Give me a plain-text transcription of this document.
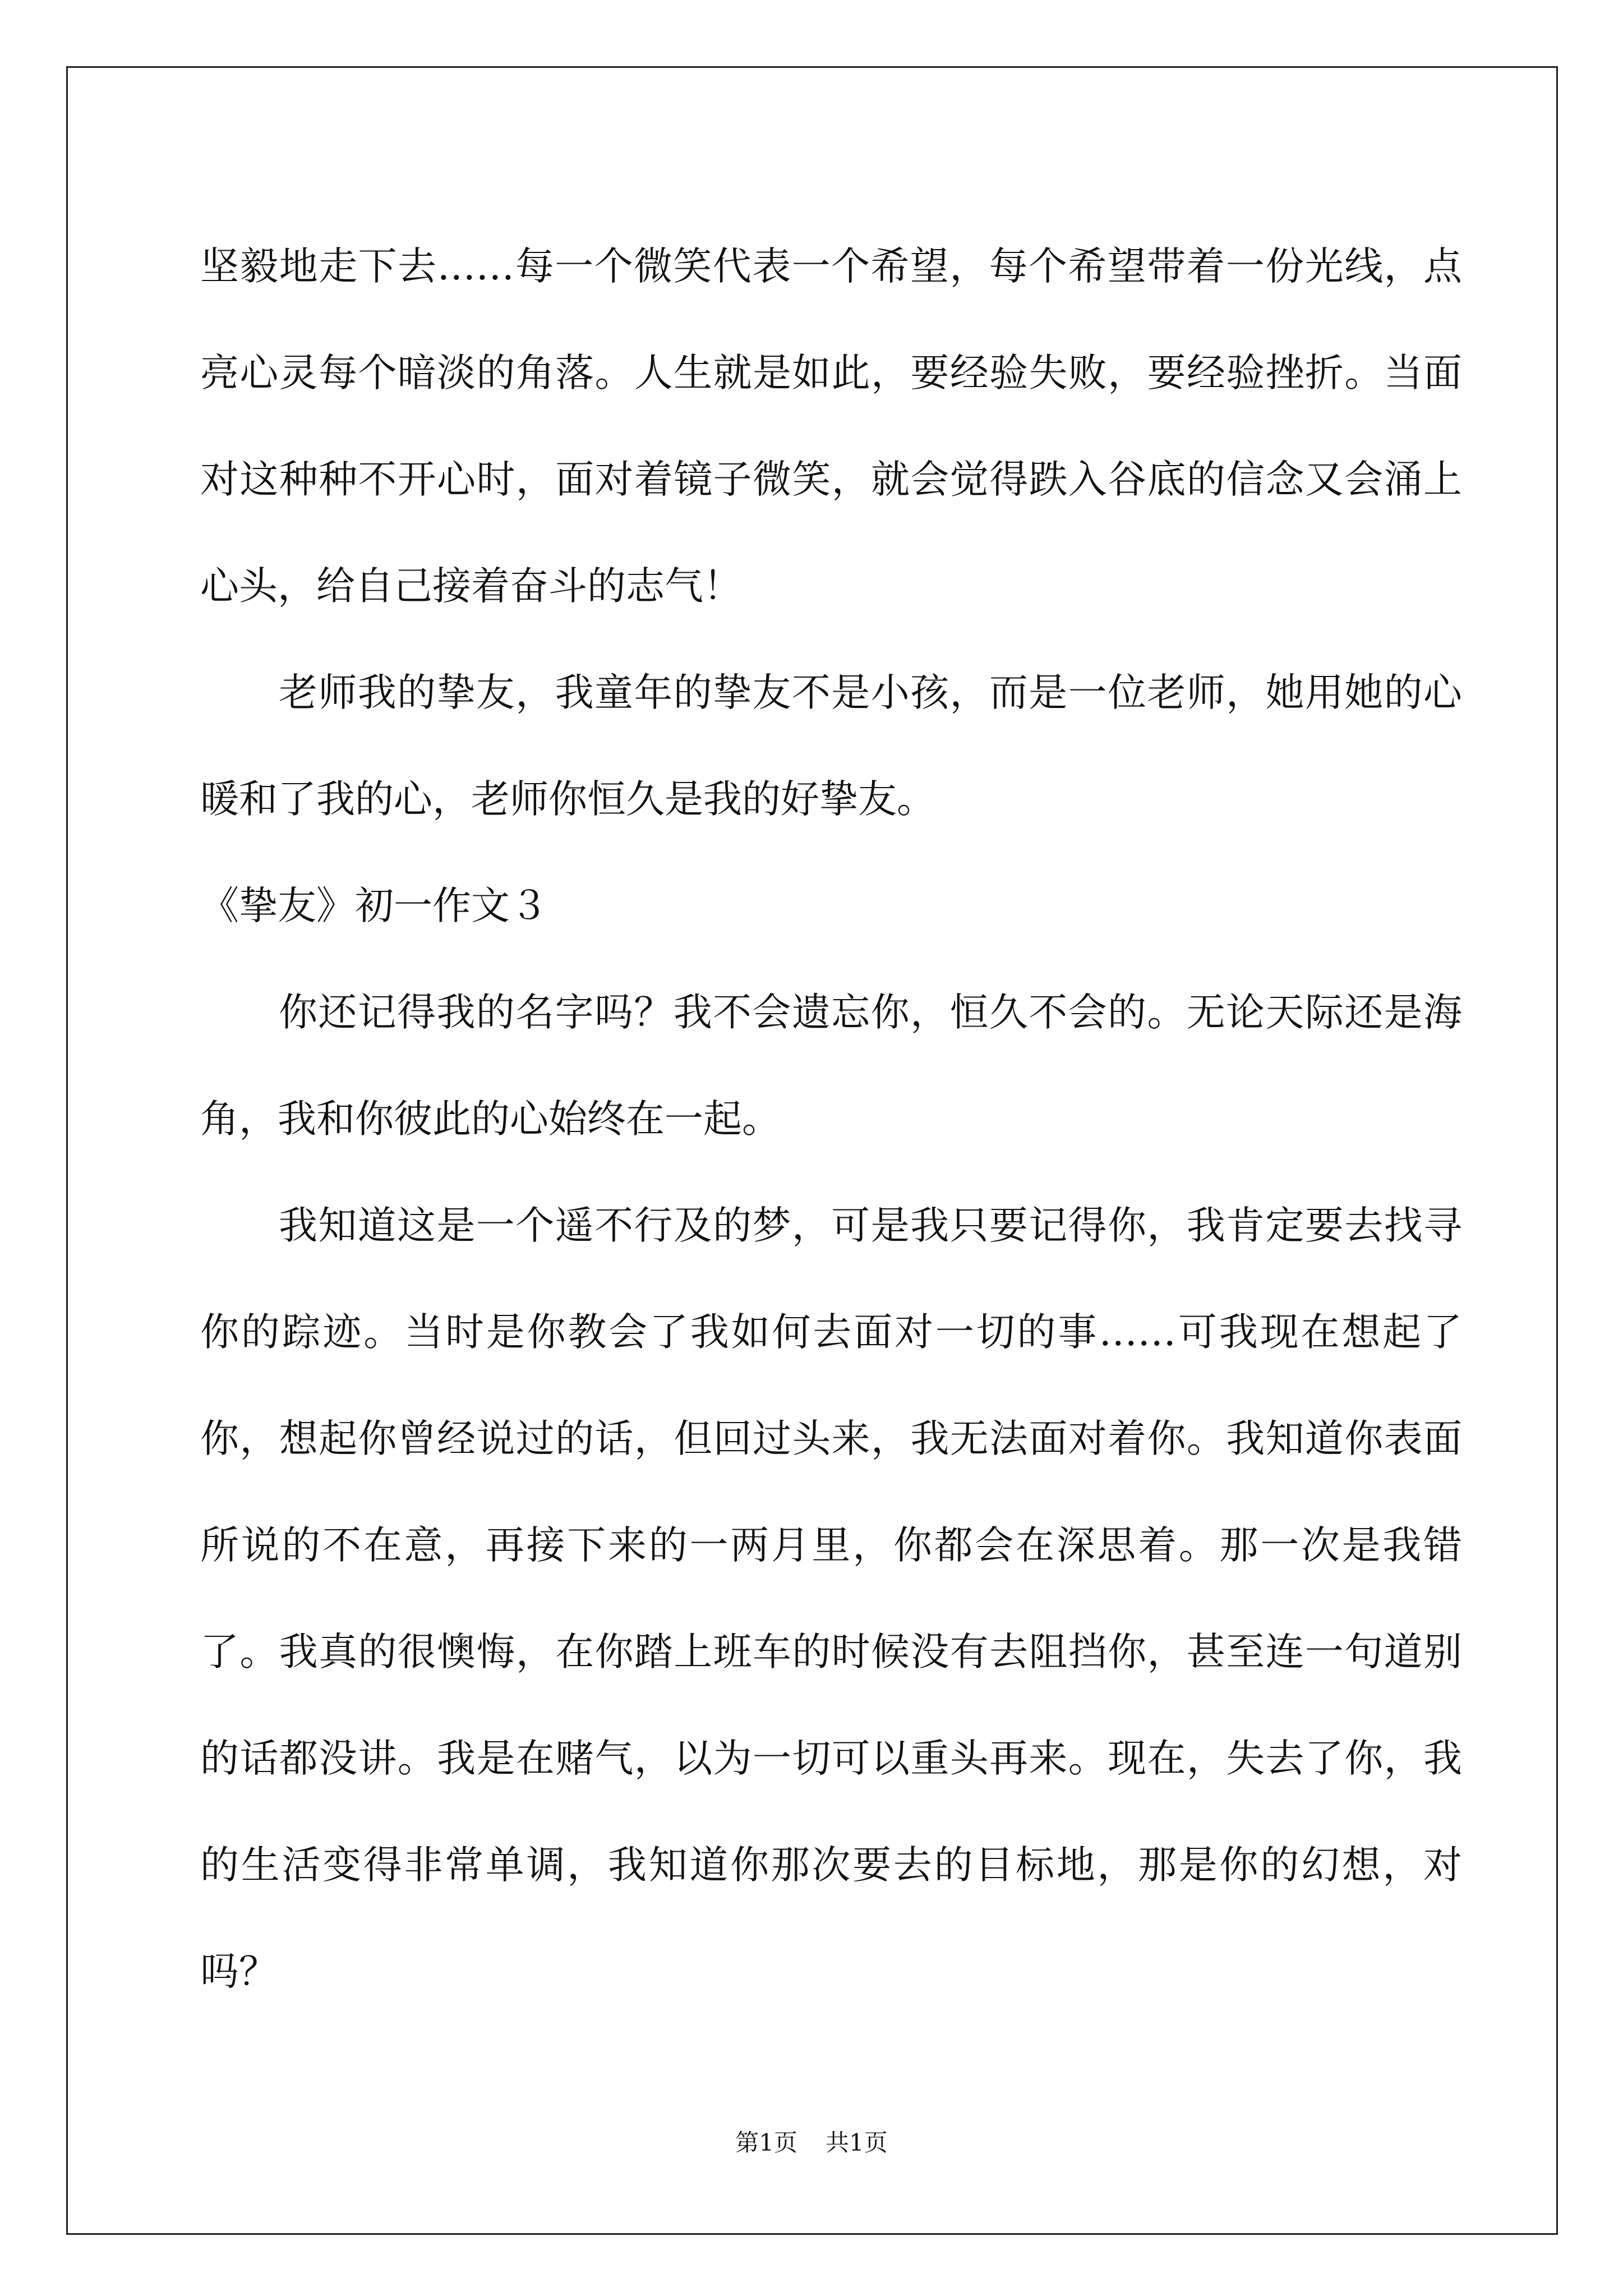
坚毅地走下去……每一个微笑代表一个希望，每个希望带着一份光线，点亮心灵每个暗淡的角落。人生就是如此，要经验失败，要经验挫折。当面对这种种不开心时，面对着镜子微笑，就会觉得跌入谷底的信念又会涌上心头，给自己接着奋斗的志气！

老师我的挚友，我童年的挚友不是小孩，而是一位老师，她用她的心暖和了我的心，老师你恒久是我的好挚友。

《挚友》初一作文３

你还记得我的名字吗？我不会遗忘你，恒久不会的。无论天际还是海角，我和你彼此的心始终在一起。

我知道这是一个遥不行及的梦，可是我只要记得你，我肯定要去找寻你的踪迹。当时是你教会了我如何去面对一切的事……可我现在想起了你，想起你曾经说过的话，但回过头来，我无法面对着你。我知道你表面所说的不在意，再接下来的一两月里，你都会在深思着。那一次是我错了。我真的很懊悔，在你踏上班车的时候没有去阻挡你，甚至连一句道别的话都没讲。我是在赌气，以为一切可以重头再来。现在，失去了你，我的生活变得非常单调，我知道你那次要去的目标地，那是你的幻想，对吗？

第1页 共1页
